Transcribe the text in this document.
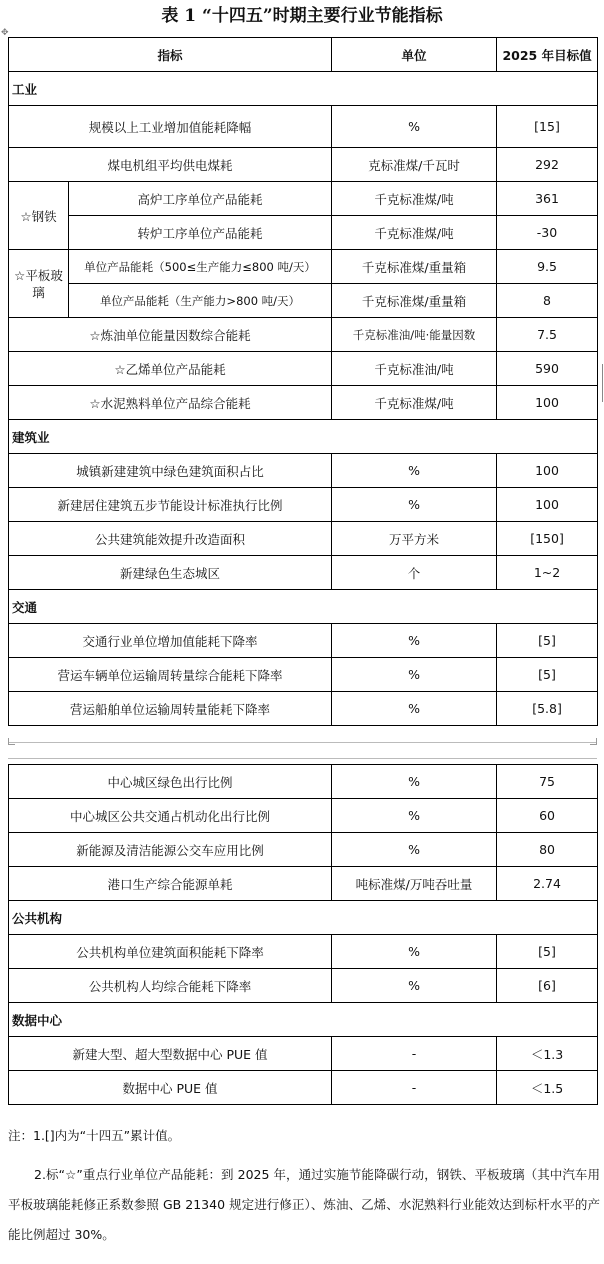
表 1 “十四五”时期主要行业节能指标
✥
指标		单位	2025 年目标值
工业			
规模以上工业增加值能耗降幅		%	[15]
煤电机组平均供电煤耗		克标准煤/千瓦时	292
☆钢铁	高炉工序单位产品能耗	千克标准煤/吨	361
	转炉工序单位产品能耗	千克标准煤/吨	-30
☆平板玻璃	单位产品能耗（500≤生产能力≤800 吨/天）	千克标准煤/重量箱	9.5
	单位产品能耗（生产能力>800 吨/天）	千克标准煤/重量箱	8
☆炼油单位能量因数综合能耗		千克标准油/吨·能量因数	7.5
☆乙烯单位产品能耗		千克标准油/吨	590
☆水泥熟料单位产品综合能耗		千克标准煤/吨	100
建筑业			
城镇新建建筑中绿色建筑面积占比		%	100
新建居住建筑五步节能设计标准执行比例		%	100
公共建筑能效提升改造面积		万平方米	[150]
新建绿色生态城区		个	1~2
交通			
交通行业单位增加值能耗下降率		%	[5]
营运车辆单位运输周转量综合能耗下降率		%	[5]
营运船舶单位运输周转量能耗下降率		%	[5.8]
中心城区绿色出行比例	%	75
中心城区公共交通占机动化出行比例	%	60
新能源及清洁能源公交车应用比例	%	80
港口生产综合能源单耗	吨标准煤/万吨吞吐量	2.74
公共机构		
公共机构单位建筑面积能耗下降率	%	[5]
公共机构人均综合能耗下降率	%	[6]
数据中心		
新建大型、超大型数据中心 PUE 值	-	＜1.3
数据中心 PUE 值	-	＜1.5
注：1.[]内为“十四五”累计值。
2.标“☆”重点行业单位产品能耗：到 2025 年，通过实施节能降碳行动，钢铁、平板玻璃（其中汽车用平板玻璃能耗修正系数参照 GB 21340 规定进行修正）、炼油、乙烯、水泥熟料行业能效达到标杆水平的产能比例超过 30%。
